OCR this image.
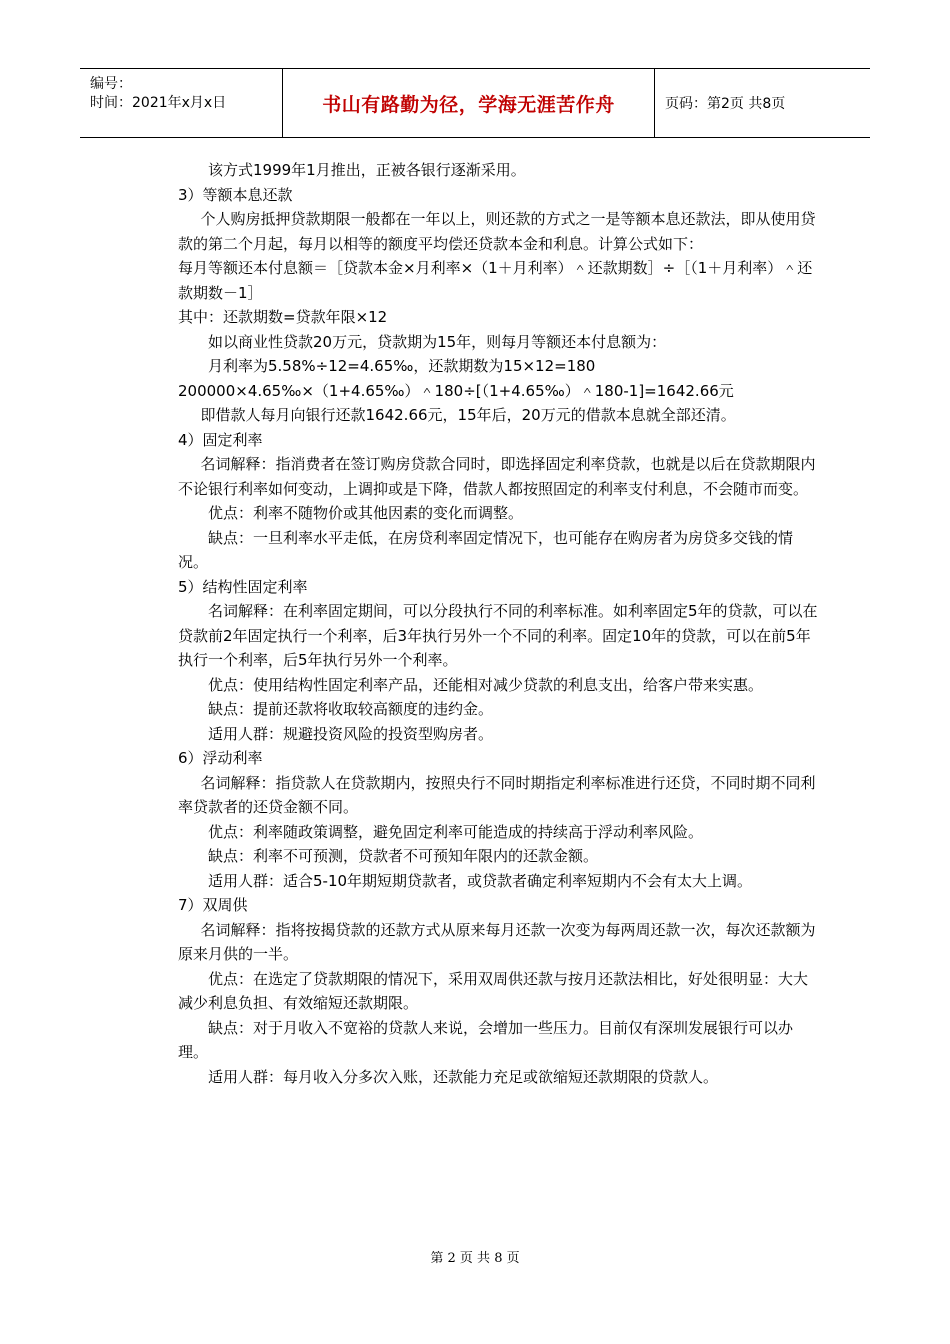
编号：
时间：2021年x月x日	书山有路勤为径，学海无涯苦作舟	页码：第2页 共8页

该方式1999年1月推出，正被各银行逐渐采用。

3）等额本息还款

个人购房抵押贷款期限一般都在一年以上，则还款的方式之一是等额本息还款法，即从使用贷款的第二个月起，每月以相等的额度平均偿还贷款本金和利息。计算公式如下：

每月等额还本付息额＝［贷款本金×月利率×（1＋月利率）＾还款期数］÷［（1＋月利率）＾还款期数－1］

其中：还款期数=贷款年限×12

如以商业性贷款20万元，贷款期为15年，则每月等额还本付息额为：

月利率为5.58%÷12=4.65‰，还款期数为15×12=180

200000×4.65‰×（1+4.65‰）＾180÷[（1+4.65‰）＾180-1]=1642.66元

即借款人每月向银行还款1642.66元，15年后，20万元的借款本息就全部还清。

4）固定利率

名词解释：指消费者在签订购房贷款合同时，即选择固定利率贷款，也就是以后在贷款期限内不论银行利率如何变动，上调抑或是下降，借款人都按照固定的利率支付利息，不会随市而变。

优点：利率不随物价或其他因素的变化而调整。

缺点：一旦利率水平走低，在房贷利率固定情况下，也可能存在购房者为房贷多交钱的情况。

5）结构性固定利率

名词解释：在利率固定期间，可以分段执行不同的利率标准。如利率固定5年的贷款，可以在贷款前2年固定执行一个利率，后3年执行另外一个不同的利率。固定10年的贷款，可以在前5年执行一个利率，后5年执行另外一个利率。

优点：使用结构性固定利率产品，还能相对减少贷款的利息支出，给客户带来实惠。

缺点：提前还款将收取较高额度的违约金。

适用人群：规避投资风险的投资型购房者。

6）浮动利率

名词解释：指贷款人在贷款期内，按照央行不同时期指定利率标准进行还贷，不同时期不同利率贷款者的还贷金额不同。

优点：利率随政策调整，避免固定利率可能造成的持续高于浮动利率风险。

缺点：利率不可预测，贷款者不可预知年限内的还款金额。

适用人群：适合5-10年期短期贷款者，或贷款者确定利率短期内不会有太大上调。

7）双周供

名词解释：指将按揭贷款的还款方式从原来每月还款一次变为每两周还款一次，每次还款额为原来月供的一半。

优点：在选定了贷款期限的情况下，采用双周供还款与按月还款法相比，好处很明显：大大减少利息负担、有效缩短还款期限。

缺点：对于月收入不宽裕的贷款人来说，会增加一些压力。目前仅有深圳发展银行可以办理。

适用人群：每月收入分多次入账，还款能力充足或欲缩短还款期限的贷款人。

第 2 页 共 8 页
